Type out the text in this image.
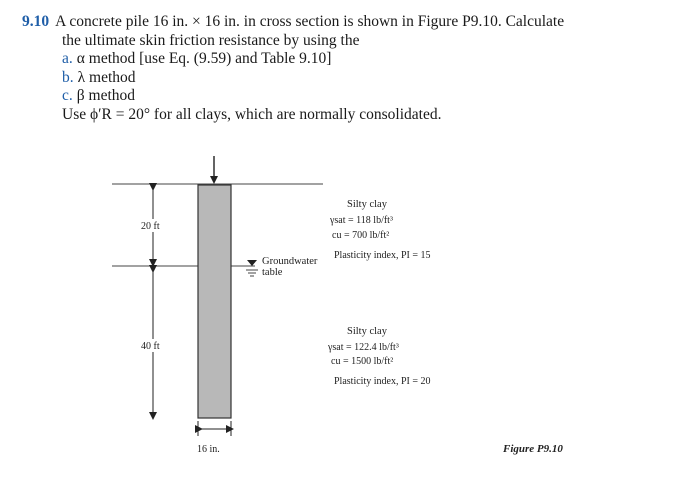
9.10 A concrete pile 16 in. × 16 in. in cross section is shown in Figure P9.10. Calculate
the ultimate skin friction resistance by using the
a. α method [use Eq. (9.59) and Table 9.10]
b. λ method
c. β method
Use ϕ′R = 20° for all clays, which are normally consolidated.
20 ft
40 ft
16 in.
Groundwater
table
Silty clay
γsat = 118 lb/ft³
cu = 700 lb/ft²
Plasticity index, PI = 15
Silty clay
γsat = 122.4 lb/ft³
cu = 1500 lb/ft²
Plasticity index, PI = 20
Figure P9.10
